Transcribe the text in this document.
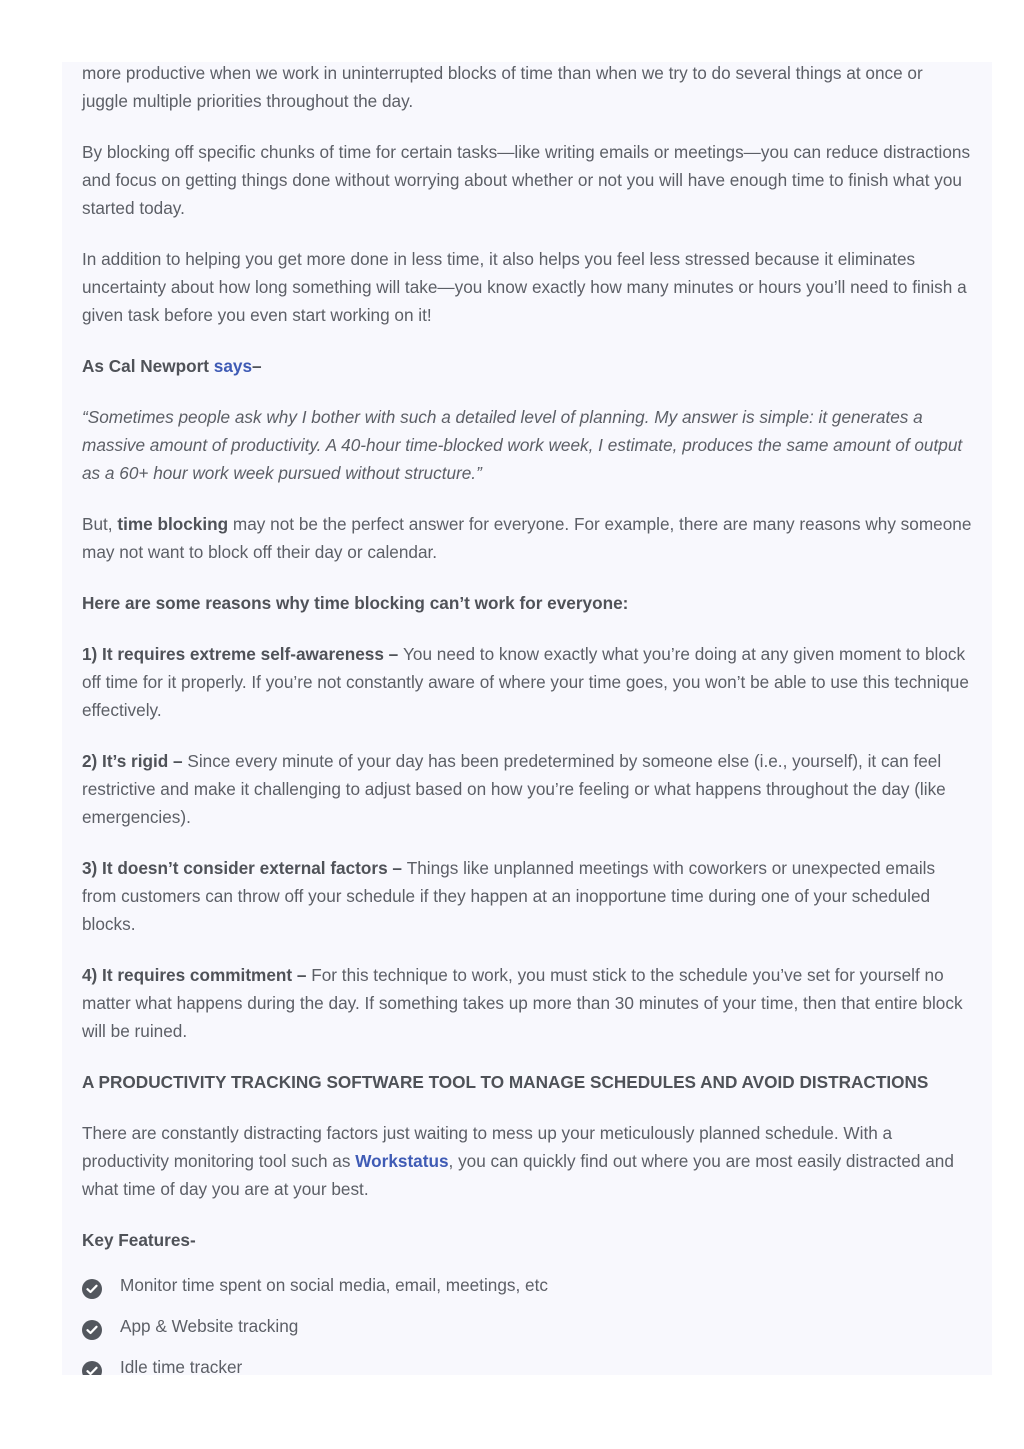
more productive when we work in uninterrupted blocks of time than when we try to do several things at once or juggle multiple priorities throughout the day.

By blocking off specific chunks of time for certain tasks—like writing emails or meetings—you can reduce distractions and focus on getting things done without worrying about whether or not you will have enough time to finish what you started today.

In addition to helping you get more done in less time, it also helps you feel less stressed because it eliminates uncertainty about how long something will take—you know exactly how many minutes or hours you’ll need to finish a given task before you even start working on it!

As Cal Newport says–

“Sometimes people ask why I bother with such a detailed level of planning. My answer is simple: it generates a massive amount of productivity. A 40-hour time-blocked work week, I estimate, produces the same amount of output as a 60+ hour work week pursued without structure.”

But, time blocking may not be the perfect answer for everyone. For example, there are many reasons why someone may not want to block off their day or calendar.

Here are some reasons why time blocking can’t work for everyone:

1) It requires extreme self-awareness – You need to know exactly what you’re doing at any given moment to block off time for it properly. If you’re not constantly aware of where your time goes, you won’t be able to use this technique effectively.

2) It’s rigid – Since every minute of your day has been predetermined by someone else (i.e., yourself), it can feel restrictive and make it challenging to adjust based on how you’re feeling or what happens throughout the day (like emergencies).

3) It doesn’t consider external factors – Things like unplanned meetings with coworkers or unexpected emails from customers can throw off your schedule if they happen at an inopportune time during one of your scheduled blocks.

4) It requires commitment – For this technique to work, you must stick to the schedule you’ve set for yourself no matter what happens during the day. If something takes up more than 30 minutes of your time, then that entire block will be ruined.

A PRODUCTIVITY TRACKING SOFTWARE TOOL TO MANAGE SCHEDULES AND AVOID DISTRACTIONS

There are constantly distracting factors just waiting to mess up your meticulously planned schedule. With a productivity monitoring tool such as Workstatus, you can quickly find out where you are most easily distracted and what time of day you are at your best.

Key Features-

Monitor time spent on social media, email, meetings, etc
App & Website tracking
Idle time tracker
